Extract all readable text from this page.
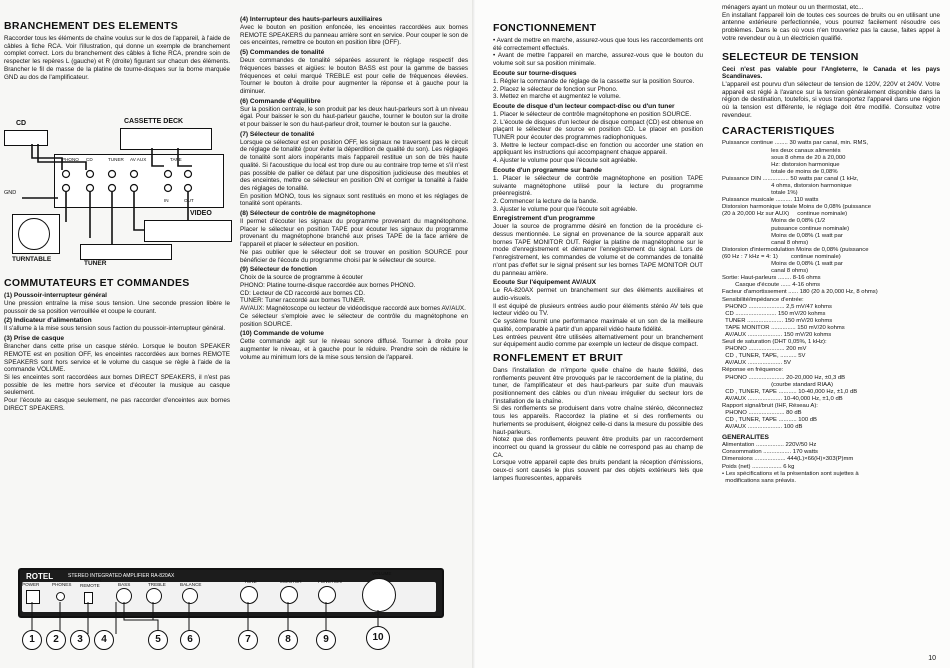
BRANCHEMENT DES ELEMENTS

Raccorder tous les éléments de chaîne voulus sur le dos de l'appareil, à l'aide de câbles à fiche RCA. Voir l'illustration, qui donne un exemple de branchement complet correct. Lors du branchement des câbles à fiche RCA, prendre soin de respecter les repères L (gauche) et R (droite) figurant sur chacun des éléments. Brancher le fil de masse de la platine de tourne-disques sur la borne marquée GND au dos de l'amplificateur.

CD	CASSETTE DECK
PHONO CD	TUNER AV AUX	TAPE
IN	OUT
GND
TURNTABLE
VIDEO
TUNER
COMMUTATEURS ET COMMANDES
(1) Poussoir-interrupteur général

Une pression entraîne la mise sous tension. Une seconde pression libère le poussoir de sa position verrouillée et coupe le courant.

(2) Indicateur d'alimentation

Il s'allume à la mise sous tension sous l'action du poussoir-interrupteur général.

(3) Prise de casque

Brancher dans cette prise un casque stéréo. Lorsque le bouton SPEAKER REMOTE est en position OFF, les enceintes raccordées aux bornes REMOTE SPEAKERS sont hors service et le volume du casque se règle à l'aide de la commande VOLUME.
Si les enceintes sont raccordées aux bornes DIRECT SPEAKERS, il n'est pas possible de les mettre hors service et d'écouter la musique au casque seulement.
Pour l'écoute au casque seulement, ne pas raccorder d'enceintes aux bornes DIRECT SPEAKERS.

(4) Interrupteur des hauts-parleurs auxiliaires

Avec le bouton en position enfoncée, les enceintes raccordées aux bornes REMOTE SPEAKERS du panneau arrière sont en service. Pour couper le son de ces enceintes, remettre ce bouton en position libre (OFF).

(5) Commandes de tonalité

Deux commandes de tonalité séparées assurent le réglage respectif des fréquences basses et aigües: le bouton BASS est pour la gamme de basses fréquences et celui marqué TREBLE est pour celle de fréquences élevées. Tourner le bouton à droite pour augmenter la réponse et à gauche pour la diminuer.

(6) Commande d'équilibre

Sur la position centrale, le son produit par les deux haut-parleurs sort à un niveau égal. Pour baisser le son du haut-parleur gauche, tourner le bouton sur la droite et pour baisser le son du haut-parleur droit, tourner le bouton sur la gauche.

(7) Sélecteur de tonalité

Lorsque ce sélecteur est en position OFF, les signaux ne traversent pas le circuit de réglage de tonalité (pour éviter la déperdition de qualité du son). Les réglages de tonalité sont alors inopérants mais l'appareil restitue un son de très haute qualité. Si l'acoustique du local est trop dure ou au contraire trop terne et s'il n'est pas possible de pallier ce défaut par une disposition judicieuse des meubles et des enceintes, mettre ce sélecteur en position ON et corriger la tonalité à l'aide des réglages de tonalité.
En position MONO, tous les signaux sont restitués en mono et les réglages de tonalité sont opérants.

(8) Sélecteur de contrôle de magnétophone

Il permet d'écouter les signaux du programme provenant du magnétophone. Placer le sélecteur en position TAPE pour écouter les signaux du programme provenant du magnétophone branché aux prises TAPE de la face arrière de l'appareil et placer le sélecteur en position.
Ne pas oublier que le sélecteur doit se trouver en position SOURCE pour bénéficier de l'écoute du programme choisi par le sélecteur de source.

(9) Sélecteur de fonction

Choix de la source de programme à écouter
PHONO: Platine tourne-disque raccordée aux bornes PHONO.
CD: Lecteur de CD raccordé aux bornes CD.
TUNER: Tuner raccordé aux bornes TUNER.
AV/AUX: Magnétoscope ou lecteur de vidéodisque raccordé aux bornes AV/AUX.
Ce sélecteur s'emploie avec le sélecteur de contrôle du magnétophone en position SOURCE.

(10) Commande de volume

Cette commande agit sur le niveau sonore diffusé. Tourner à droite pour augmenter le niveau, et à gauche pour le réduire. Prendre soin de réduire le volume au minimum lors de la mise sous tension de l'appareil.

ROTEL	STEREO INTEGRATED AMPLIFIER RA-820AX
POWER	PHONES
SPEAKER REMOTE	BASS	TREBLE	BALANCE
TONE	MONITOR	FUNCTION
VOLUME
1	2	3	4	5	6	7	8	9	10
FONCTIONNEMENT

• Avant de mettre en marche, assurez-vous que tous les raccordements ont été correctement effectués.
• Avant de mettre l'appareil en marche, assurez-vous que le bouton du volume soit sur sa position minimale.

Ecoute sur tourne-disques

1. Régler la commande de réglage de la cassette sur la position Source.
2. Placez le sélecteur de fonction sur Phono.
3. Mettez en marche et augmentez le volume.

Ecoute de disque d'un lecteur compact-disc ou d'un tuner

1. Placer le sélecteur de contrôle magnétophone en position SOURCE.
2. L'écoute de disques d'un lecteur de disque compact (CD) est obtenue en plaçant le sélecteur de source en position CD. Le placer en position TUNER pour écouter des programmes radiophoniques.
3. Mettre le lecteur compact-disc en fonction ou accorder une station en appliquant les instructions qui accompagnent chaque appareil.
4. Ajuster le volume pour que l'écoute soit agréable.

Ecoute d'un programme sur bande

1. Placer le sélecteur de contrôle magnétophone en position TAPE suivante magnétophone utilisé pour la lecture du programme préenregistré.
2. Commencer la lecture de la bande.
3. Ajuster le volume pour que l'écoute soit agréable.

Enregistrement d'un programme

Jouer la source de programme désiré en fonction de la procédure ci-dessus mentionnée. Le signal en provenance de la source apparaît aux bornes TAPE MONITOR OUT. Régler la platine de magnétophone sur le mode d'enregistrement et démarrer l'enregistrement du signal. Lors de l'enregistrement, les commandes de volume et de commandes de tonalité n'ont pas d'effet sur le signal présent sur les bornes TAPE MONITOR OUT du panneau arrière.

Ecoute Sur l'équipement AV/AUX

Le RA-820AX permet un branchement sur des éléments auxiliaires et audio-visuels.
Il est équipé de plusieurs entrées audio pour éléments stéréo AV tels que lecteur vidéo ou TV.
Ce système fournit une performance maximale et un son de la meilleure qualité, comparable à partir d'un appareil vidéo haute fidélité.
Les entrées peuvent être utilisées alternativement pour un branchement sur équipement audio comme par exemple un lecteur de disque compact.

RONFLEMENT ET BRUIT

Dans l'installation de n'importe quelle chaîne de haute fidélité, des ronflements peuvent être provoqués par le raccordement de la platine, du tuner, de l'amplificateur et des haut-parleurs par suite d'un mauvais positionnement des câbles ou d'un niveau irrégulier du secteur lors de l'installation de la chaîne.
Si des ronflements se produisent dans votre chaîne stéréo, déconnectez tous les appareils. Raccordez la platine et si des ronflements ou hurlements se produisent, éloignez celle-ci dans la mesure du possible des haut-parleurs.
Notez que des ronflements peuvent être produits par un raccordement incorrect ou quand la grosseur du câble ne correspond pas au champ de CA.
Lorsque votre appareil capte des bruits pendant la réception d'émissions, ceux-ci sont causés le plus souvent par des objets extérieurs tels que lampes fluorescentes, appareils

ménagers ayant un moteur ou un thermostat, etc...
En installant l'appareil loin de toutes ces sources de bruits ou en utilisant une antenne extérieure perfectionnée, vous pourrez facilement résoudre ces problèmes. Dans le cas où vous n'en trouveriez pas la cause, faites appel à votre revendeur ou à un électricien qualifié.

SELECTEUR DE TENSION

Ceci n'est pas valable pour l'Angleterre, le Canada et les pays Scandinaves.

L'appareil est pourvu d'un sélecteur de tension de 120V, 220V et 240V. Votre appareil est réglé à l'avance sur la tension généralement disponible dans la région de destination, toutefois, si vous transportez l'appareil dans une région où la tension est différente, le réglage doit être modifié. Consultez votre revendeur.

CARACTERISTIQUES
Puissance continue ........ 30 watts par canal, min. RMS,
les deux canaux alimentés
sous 8 ohms de 20 à 20,000
Hz: distorsion harmonique
totale de moins de 0,08%
Puissance DIN ................ 50 watts par canal (1 kHz,
4 ohms, distorsion harmonique
totale 1%)
Puissance musicale .......... 110 watts
Distorsion harmonique totale Moins de 0,08% (puissance
(20 à 20,000 Hz sur AUX)     continue nominale)
Moins de 0,08% (1/2
puissance continue nominale)
Moins de 0,08% (1 watt par
canal 8 ohms)
Distorsion d'intermodulation Moins de 0,08% (puissance
(60 Hz : 7 kHz = 4: 1)        continue nominale)
Moins de 0,08% (1 watt par
canal 8 ohms)
Sortie: Haut-parleurs ........ 8-16 ohms
Casque d'écoute ...... 4-16 ohms
Facteur d'amortissement ...... 180 (20 à 20,000 Hz, 8 ohms)
Sensibilité/impédance d'entrée:
PHONO ...................... 2,5 mV/47 kohms
CD ......................... 150 mV/20 kohms
TUNER ...................... 150 mV/20 kohms
TAPE MONITOR ............... 150 mV/20 kohms
AV/AUX ..................... 150 mV/20 kohms
Seuil de saturation (DHT 0,05%, 1 kHz):
PHONO ...................... 200 mV
CD , TUNER, TAPE, .......... 5V
AV/AUX ..................... 5V
Réponse en fréquence:
PHONO ...................... 20-20,000 Hz, ±0,3 dB
(courbe standard RIAA)
CD , TUNER, TAPE ........... 10-40,000 Hz, ±1,0 dB
AV/AUX ..................... 10-40,000 Hz, ±1,0 dB
Rapport signal/bruit (IHF, Réseau A):
PHONO ...................... 80 dB
CD , TUNER, TAPE ........... 100 dB
AV/AUX ..................... 100 dB
GENERALITES
Alimentation ................. 220V/50 Hz
Consommation ................. 170 watts
Dimensions ................... 444(L)×66(H)×303(P)mm
Poids (net) .................. 6 kg
• Les spécifications et la présentation sont sujettes à
modifications sans préavis.
10
